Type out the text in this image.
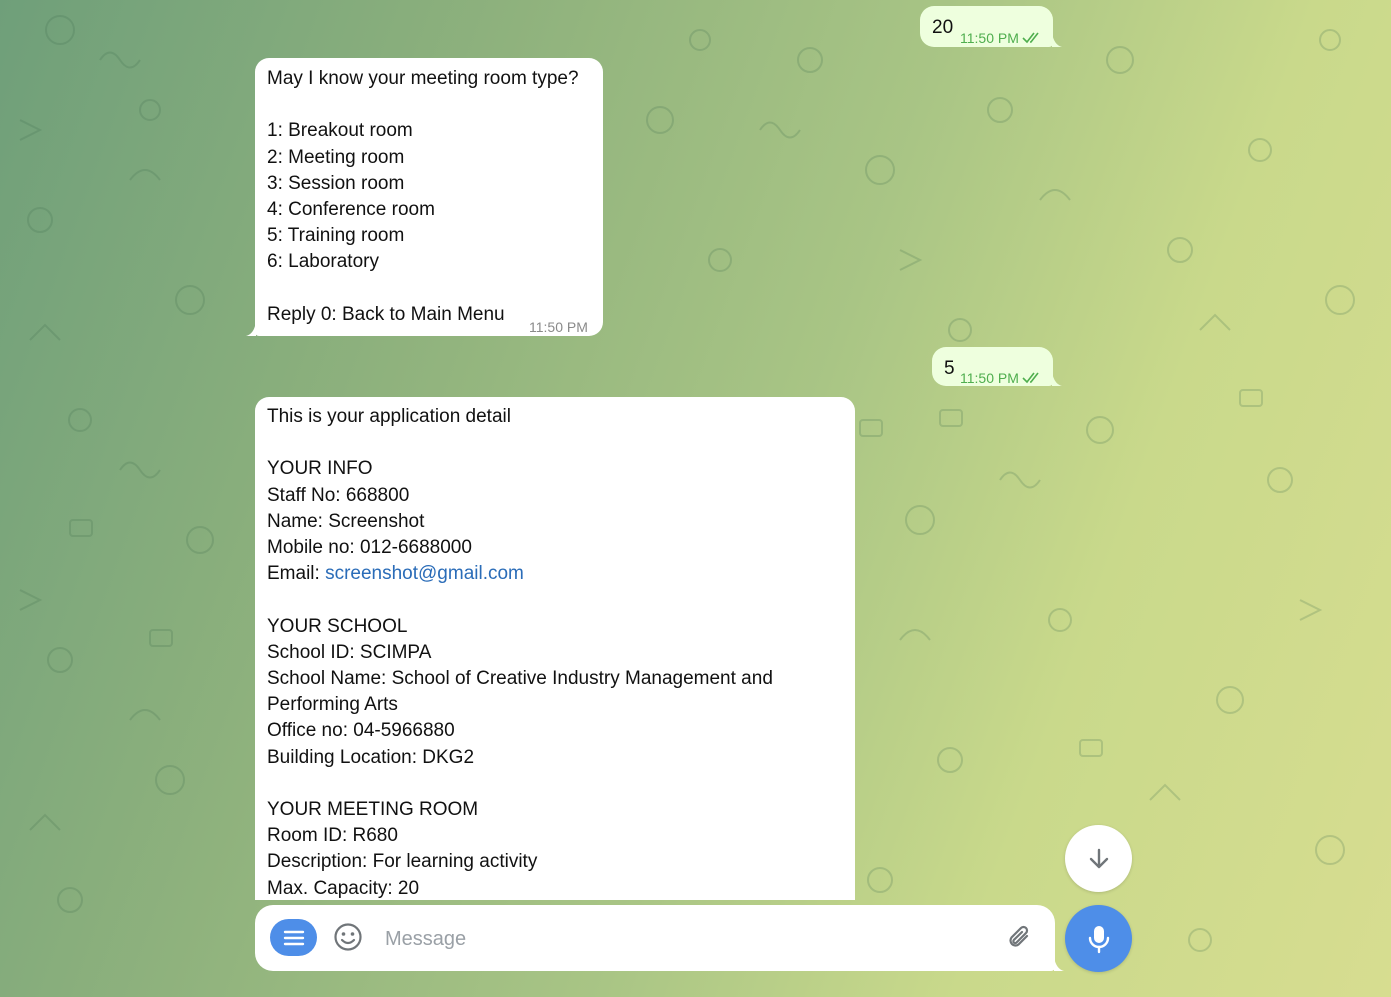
20 11:50 PM
May I know your meeting room type?
1: Breakout room
2: Meeting room
3: Session room
4: Conference room
5: Training room
6: Laboratory
Reply 0: Back to Main Menu
11:50 PM
5 11:50 PM
This is your application detail
YOUR INFO
Staff No: 668800
Name: Screenshot
Mobile no: 012-6688000
Email: screenshot@gmail.com
YOUR SCHOOL
School ID: SCIMPA
School Name: School of Creative Industry Management and
Performing Arts
Office no: 04-5966880
Building Location: DKG2
YOUR MEETING ROOM
Room ID: R680
Description: For learning activity
Max. Capacity: 20
Message
